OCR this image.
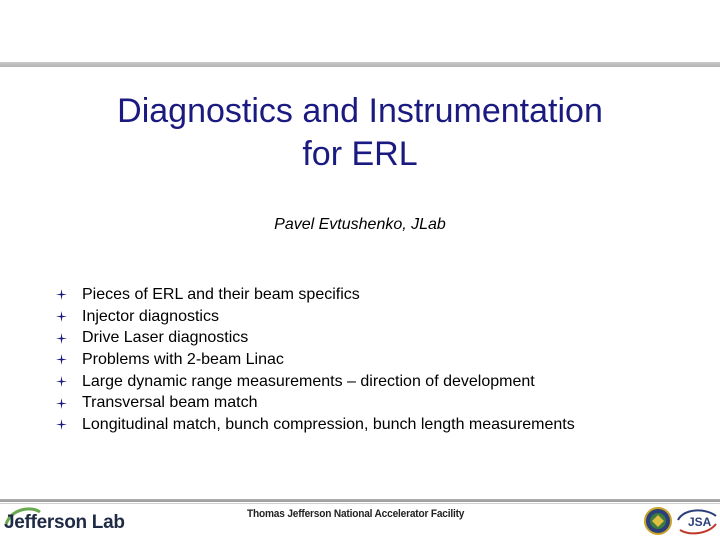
Diagnostics and Instrumentation
for ERL
Pavel Evtushenko, JLab
Pieces of ERL and their beam specifics
Injector diagnostics
Drive Laser diagnostics
Problems with 2-beam Linac
Large dynamic range measurements – direction of development
Transversal beam match
Longitudinal match, bunch compression, bunch length measurements
Jefferson Lab	Thomas Jefferson National Accelerator Facility
JSA
